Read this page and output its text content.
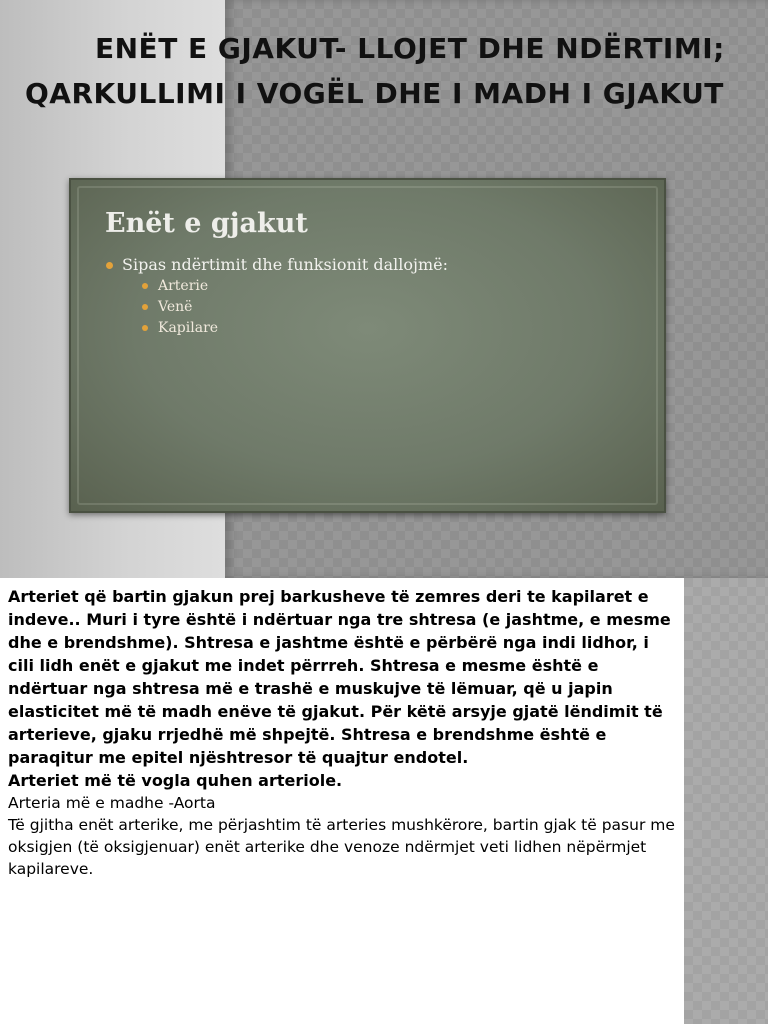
ENËT E GJAKUT- LLOJET DHE NDËRTIMI;
QARKULLIMI I VOGËL DHE I MADH I GJAKUT
Enët e gjakut
Sipas ndërtimit dhe funksionit dallojmë:
Arterie
Venë
Kapilare

Arteriet që bartin gjakun prej barkusheve të zemres deri te kapilaret e indeve.. Muri i tyre është i ndërtuar nga tre shtresa (e jashtme, e mesme dhe e brendshme). Shtresa e jashtme është e përbërë nga indi lidhor, i cili lidh enët e gjakut me indet përrreh. Shtresa e mesme është e ndërtuar nga shtresa më e trashë e muskujve të lëmuar, që u japin elasticitet më të madh enëve të gjakut. Për këtë arsyje gjatë lëndimit të arterieve, gjaku rrjedhë më shpejtë. Shtresa e brendshme është e paraqitur me epitel njështresor të quajtur endotel.

Arteriet më të vogla quhen arteriole.

Arteria më e madhe -Aorta

Të gjitha enët arterike, me përjashtim të arteries mushkërore, bartin gjak të pasur me oksigjen (të oksigjenuar) enët arterike dhe venoze ndërmjet veti lidhen nëpërmjet kapilareve.
